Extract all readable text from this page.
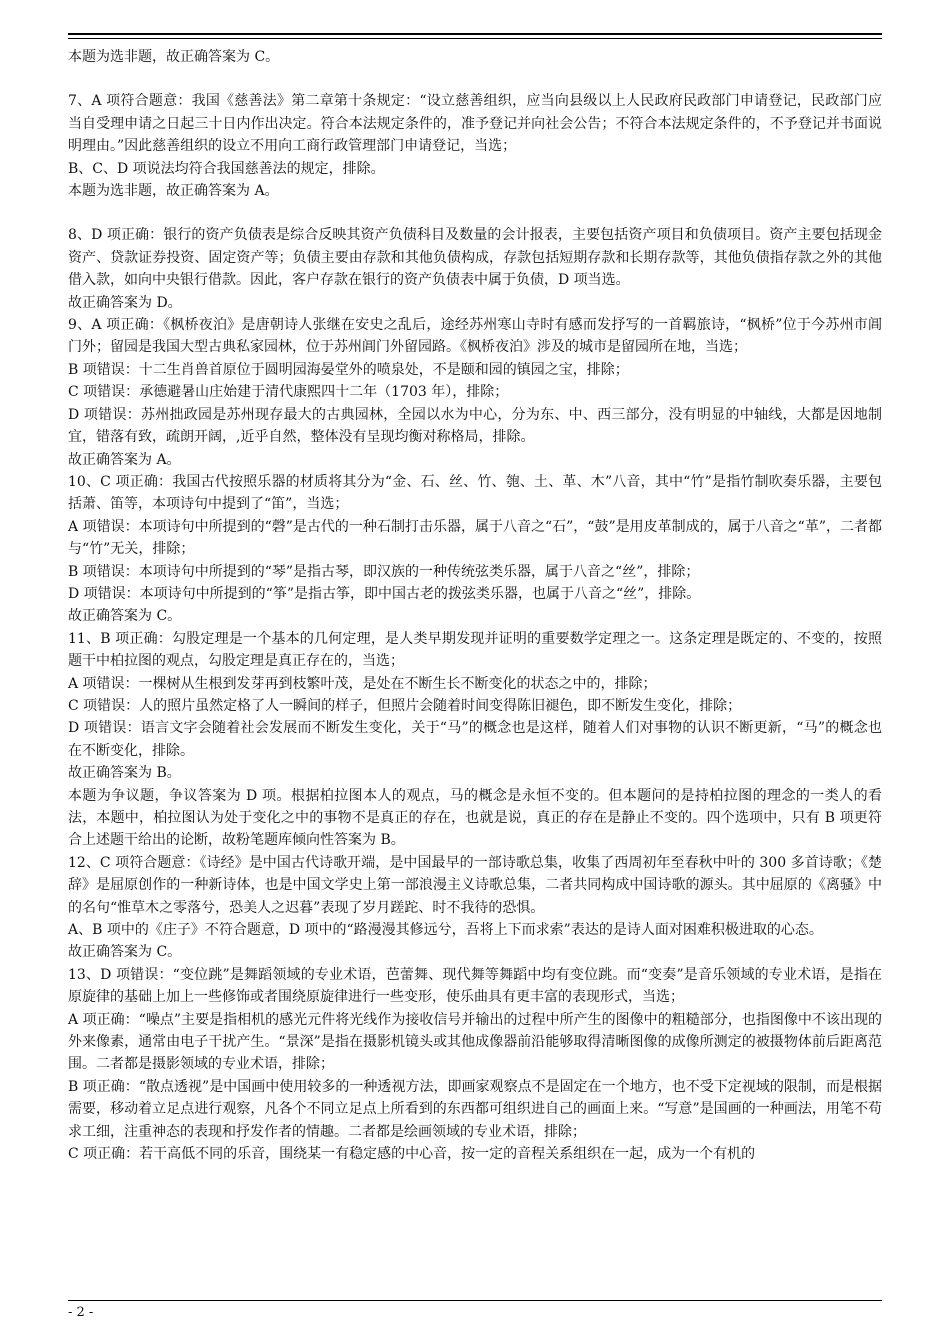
本题为选非题，故正确答案为 C。

7、A 项符合题意：我国《慈善法》第二章第十条规定：“设立慈善组织，应当向县级以上人民政府民政部门申请登记，民政部门应当自受理申请之日起三十日内作出决定。符合本法规定条件的，准予登记并向社会公告；不符合本法规定条件的，不予登记并书面说明理由。”因此慈善组织的设立不用向工商行政管理部门申请登记，当选；

B、C、D 项说法均符合我国慈善法的规定，排除。

本题为选非题，故正确答案为 A。

8、D 项正确：银行的资产负债表是综合反映其资产负债科目及数量的会计报表，主要包括资产项目和负债项目。资产主要包括现金资产、贷款证券投资、固定资产等；负债主要由存款和其他负债构成，存款包括短期存款和长期存款等，其他负债指存款之外的其他借入款，如向中央银行借款。因此，客户存款在银行的资产负债表中属于负债，D 项当选。

故正确答案为 D。

9、A 项正确：《枫桥夜泊》是唐朝诗人张继在安史之乱后，途经苏州寒山寺时有感而发抒写的一首羁旅诗，“枫桥”位于今苏州市阊门外；留园是我国大型古典私家园林，位于苏州阊门外留园路。《枫桥夜泊》涉及的城市是留园所在地，当选；

B 项错误：十二生肖兽首原位于圆明园海晏堂外的喷泉处，不是颐和园的镇园之宝，排除；

C 项错误：承德避暑山庄始建于清代康熙四十二年（1703 年），排除；

D 项错误：苏州拙政园是苏州现存最大的古典园林，全园以水为中心，分为东、中、西三部分，没有明显的中轴线，大都是因地制宜，错落有致，疏朗开阔，,近乎自然，整体没有呈现均衡对称格局，排除。

故正确答案为 A。

10、C 项正确：我国古代按照乐器的材质将其分为“金、石、丝、竹、匏、土、革、木”八音，其中“竹”是指竹制吹奏乐器，主要包括萧、笛等，本项诗句中提到了“笛”，当选；

A 项错误：本项诗句中所提到的“磬”是古代的一种石制打击乐器，属于八音之“石”，“鼓”是用皮革制成的，属于八音之“革”，二者都与“竹”无关，排除；

B 项错误：本项诗句中所提到的“琴”是指古琴，即汉族的一种传统弦类乐器，属于八音之“丝”，排除；

D 项错误：本项诗句中所提到的“筝”是指古筝，即中国古老的拨弦类乐器，也属于八音之“丝”，排除。

故正确答案为 C。

11、B 项正确：勾股定理是一个基本的几何定理，是人类早期发现并证明的重要数学定理之一。这条定理是既定的、不变的，按照题干中柏拉图的观点，勾股定理是真正存在的，当选；

A 项错误：一棵树从生根到发芽再到枝繁叶茂，是处在不断生长不断变化的状态之中的，排除；

C 项错误：人的照片虽然定格了人一瞬间的样子，但照片会随着时间变得陈旧褪色，即不断发生变化，排除；

D 项错误：语言文字会随着社会发展而不断发生变化，关于“马”的概念也是这样，随着人们对事物的认识不断更新，“马”的概念也在不断变化，排除。

故正确答案为 B。

本题为争议题，争议答案为 D 项。根据柏拉图本人的观点，马的概念是永恒不变的。但本题问的是持柏拉图的理念的一类人的看法，本题中，柏拉图认为处于变化之中的事物不是真正的存在，也就是说，真正的存在是静止不变的。四个选项中，只有 B 项更符合上述题干给出的论断，故粉笔题库倾向性答案为 B。

12、C 项符合题意：《诗经》是中国古代诗歌开端，是中国最早的一部诗歌总集，收集了西周初年至春秋中叶的 300 多首诗歌；《楚辞》是屈原创作的一种新诗体，也是中国文学史上第一部浪漫主义诗歌总集，二者共同构成中国诗歌的源头。其中屈原的《离骚》中的名句“惟草木之零落兮，恐美人之迟暮”表现了岁月蹉跎、时不我待的恐惧。

A、B 项中的《庄子》不符合题意，D 项中的“路漫漫其修远兮，吾将上下而求索”表达的是诗人面对困难积极进取的心态。

故正确答案为 C。

13、D 项错误：“变位跳”是舞蹈领域的专业术语，芭蕾舞、现代舞等舞蹈中均有变位跳。而“变奏”是音乐领域的专业术语，是指在原旋律的基础上加上一些修饰或者围绕原旋律进行一些变形，使乐曲具有更丰富的表现形式，当选；

A 项正确：“噪点”主要是指相机的感光元件将光线作为接收信号并输出的过程中所产生的图像中的粗糙部分，也指图像中不该出现的外来像素，通常由电子干扰产生。“景深”是指在摄影机镜头或其他成像器前沿能够取得清晰图像的成像所测定的被摄物体前后距离范围。二者都是摄影领域的专业术语，排除；

B 项正确：“散点透视”是中国画中使用较多的一种透视方法，即画家观察点不是固定在一个地方，也不受下定视域的限制，而是根据需要，移动着立足点进行观察，凡各个不同立足点上所看到的东西都可组织进自己的画面上来。“写意”是国画的一种画法，用笔不苟求工细，注重神态的表现和抒发作者的情趣。二者都是绘画领域的专业术语，排除；

C 项正确：若干高低不同的乐音，围绕某一有稳定感的中心音，按一定的音程关系组织在一起，成为一个有机的

- 2 -
